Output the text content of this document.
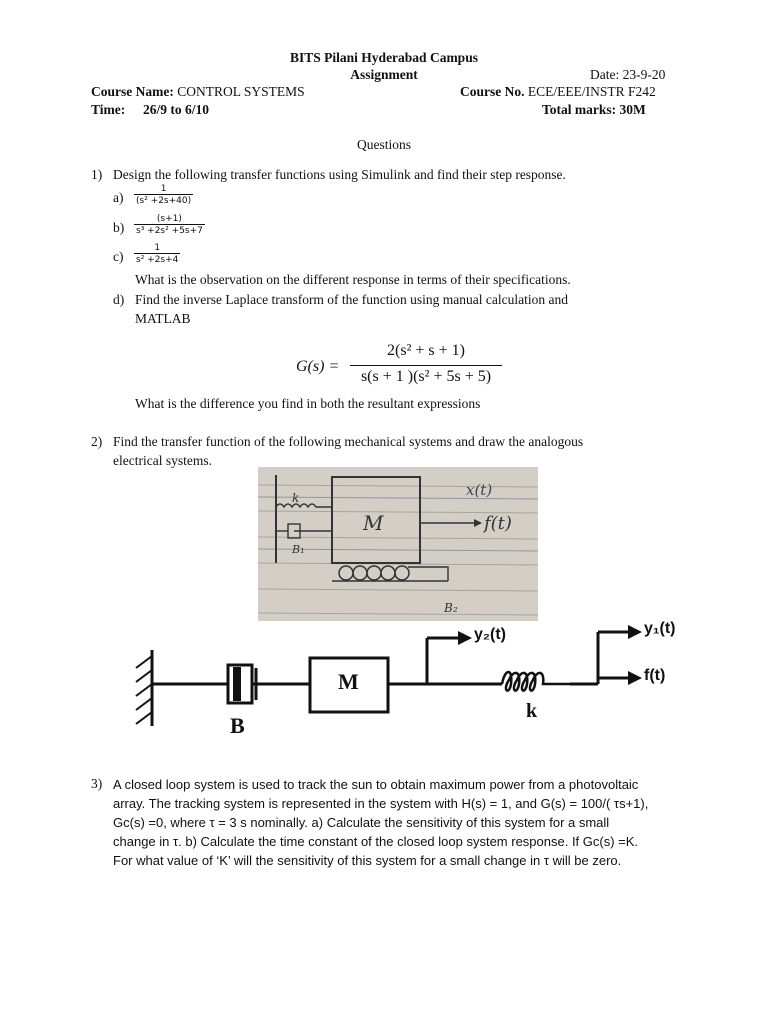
BITS Pilani Hyderabad Campus
Assignment	Date: 23-9-20
Course Name: CONTROL SYSTEMS	Course No. ECE/EEE/INSTR F242
Time: 26/9 to 6/10	Total marks: 30M
Questions
1) Design the following transfer functions using Simulink and find their step response.
$a) \frac{1}{\text{(s² +2s+40)}}$
$b) \frac{(s+1)}{\text{s³ +2s² +5s+7}}$
$c) \frac{1}{\text{s² +2s+4}}$
What is the observation on the different response in terms of their specifications.
d) Find the inverse Laplace transform of the function using manual calculation and
MATLAB
G(s) =
2(s² + s + 1)
s(s + 1 )(s² + 5s + 5)
What is the difference you find in both the resultant expressions
2) Find the transfer function of the following mechanical systems and draw the analogous
electrical systems.
k
M
B₁
x(t)
f(t)
B₂
M
B
k
y₂(t)	y₁(t)
f(t)
3) A closed loop system is used to track the sun to obtain maximum power from a photovoltaic
array. The tracking system is represented in the system with H(s) = 1, and G(s) = 100/( τs+1),
Gc(s) =0, where τ = 3 s nominally. a) Calculate the sensitivity of this system for a small
change in τ. b) Calculate the time constant of the closed loop system response. If Gc(s) =K.
For what value of ‘K’ will the sensitivity of this system for a small change in τ will be zero.
